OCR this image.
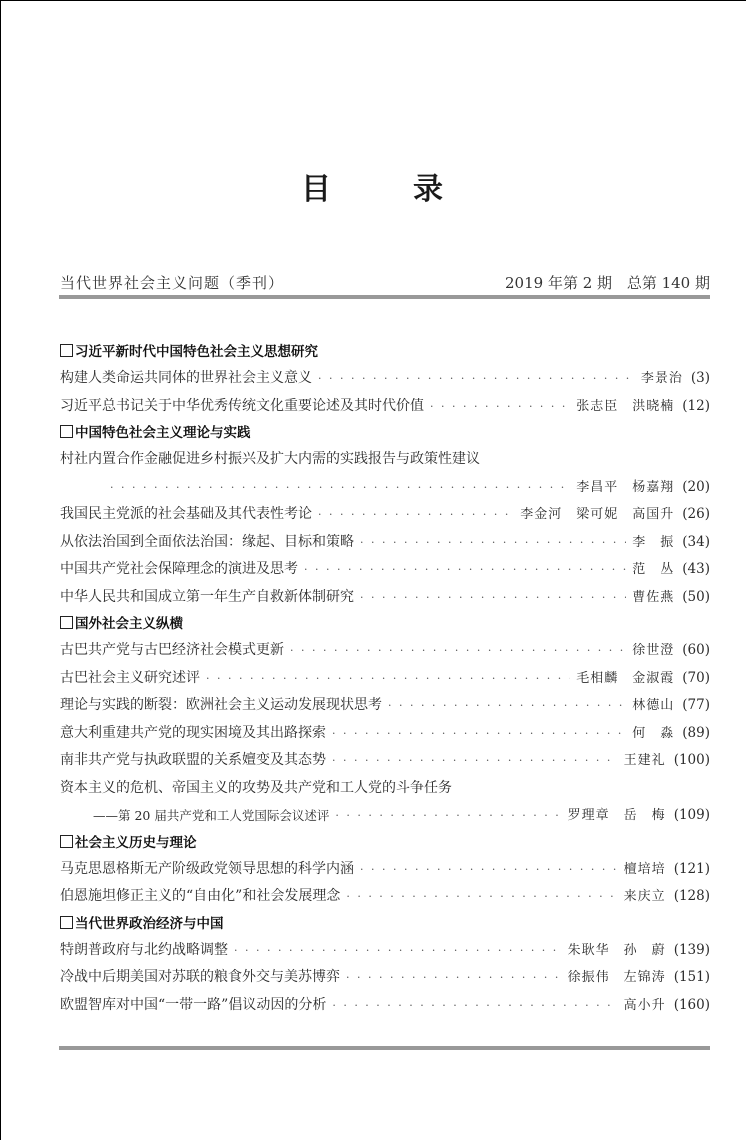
目	录
当代世界社会主义问题（季刊）	2019 年第 2 期 总第 140 期
习近平新时代中国特色社会主义思想研究
构建人类命运共同体的世界社会主义意义 · · ·	李景治 (3)
习近平总书记关于中华优秀传统文化重要论述及其时代价值 · · ·	张志臣　洪晓楠 (12)
中国特色社会主义理论与实践
村社内置合作金融促进乡村振兴及扩大内需的实践报告与政策性建议
· · ·
李昌平　杨嘉翔 (20)
我国民主党派的社会基础及其代表性考论 · · ·	李金河　梁可妮　高国升 (26)
从依法治国到全面依法治国：缘起、目标和策略 · · ·	李　振 (34)
中国共产党社会保障理念的演进及思考 · · ·	范　丛 (43)
中华人民共和国成立第一年生产自救新体制研究 · · ·	曹佐燕 (50)
国外社会主义纵横
古巴共产党与古巴经济社会模式更新 · · ·	徐世澄 (60)
古巴社会主义研究述评 · · ·	毛相麟　金淑霞 (70)
理论与实践的断裂：欧洲社会主义运动发展现状思考 · · ·	林德山 (77)
意大利重建共产党的现实困境及其出路探索 · · ·	何　淼 (89)
南非共产党与执政联盟的关系嬗变及其态势 · · ·	王建礼 (100)
资本主义的危机、帝国主义的攻势及共产党和工人党的斗争任务
——第 20 届共产党和工人党国际会议述评 · · ·	罗理章　岳　梅 (109)
社会主义历史与理论
马克思恩格斯无产阶级政党领导思想的科学内涵 · · ·	檀培培 (121)
伯恩施坦修正主义的“自由化”和社会发展理念 · · ·	来庆立 (128)
当代世界政治经济与中国
特朗普政府与北约战略调整 · · ·	朱耿华　孙　蔚 (139)
冷战中后期美国对苏联的粮食外交与美苏博弈 · · ·	徐振伟　左锦涛 (151)
欧盟智库对中国“一带一路”倡议动因的分析 · · ·	高小升 (160)
